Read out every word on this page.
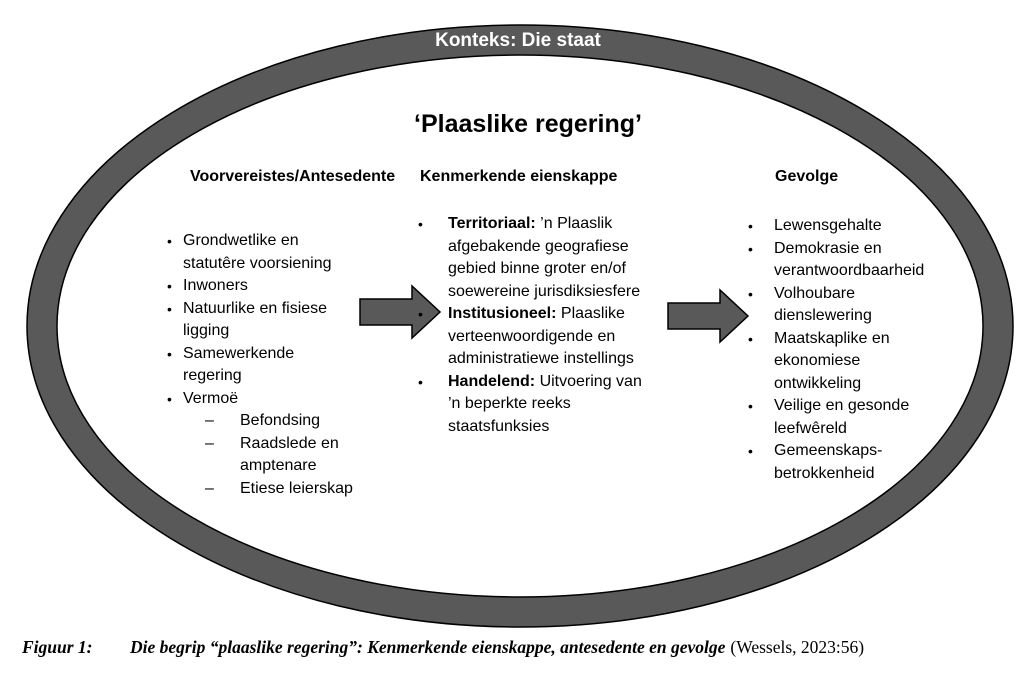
Konteks: Die staat
‘Plaaslike regering’
Voorvereistes/Antesedente Kenmerkende eienskappe	Gevolge
• Grondwetlike en statutêre voorsiening
• Inwoners
• Natuurlike en fisiese ligging
• Samewerkende regering
• Vermoë
–	Befondsing
–	Raadslede en amptenare
–	Etiese leierskap
•	Territoriaal: ’n Plaaslik afgebakende geografiese gebied binne groter en/of soewereine jurisdiksiesfere
•	Institusioneel: Plaaslike verteenwoordigende en administratiewe instellings
•	Handelend: Uitvoering van ’n beperkte reeks staatsfunksies
•	Lewensgehalte
•	Demokrasie en verantwoordbaarheid
•	Volhoubare dienslewering
•	Maatskaplike en ekonomiese ontwikkeling
•	Veilige en gesonde leefwêreld
•	Gemeenskaps-betrokkenheid
Figuur 1:	Die begrip “plaaslike regering”: Kenmerkende eienskappe, antesedente en gevolge (Wessels, 2023:56)
